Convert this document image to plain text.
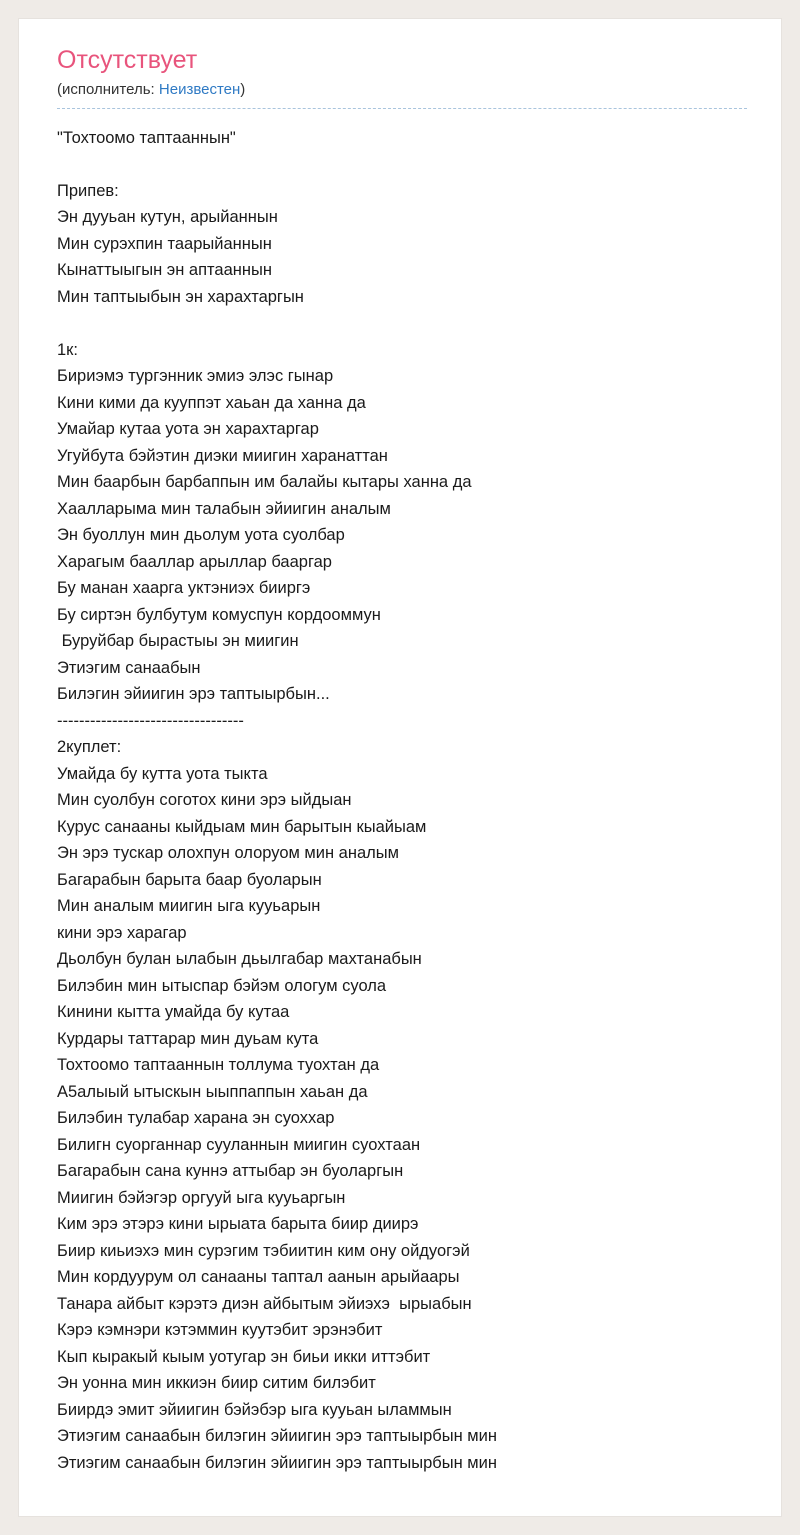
Отсутствует
(исполнитель: Неизвестен)
"Тохтоомо таптааннын"

Припев:
Эн дууьан кутун, арыйаннын
Мин сурэхпин таарыйаннын
Кынаттыыгын эн аптааннын
Мин таптыыбын эн харахтаргын

1к:
Бириэмэ тургэнник эмиэ элэс гынар
Кини кими да кууппэт хаьан да ханна да
Умайар кутаа уота эн харахтаргар
Угуйбута бэйэтин диэки миигин харанаттан
Мин баарбын барбаппын им балайы кытары ханна да
Хаалларыма мин талабын эйиигин аналым
Эн буоллун мин дьолум уота суолбар
Харагым бааллар арыллар бааргар
Бу манан хаарга уктэниэх бииргэ
Бу сиртэн булбутум комуспун кордооммун
Буруйбар бырастыы эн миигин
Этиэгим санаабын
Билэгин эйиигин эрэ таптыырбын...
----------------------------------
2куплет:
Умайда бу кутта уота тыкта
Мин суолбун соготох кини эрэ ыйдыан
Курус санааны кыйдыам мин барытын кыайыам
Эн эрэ тускар олохпун олоруом мин аналым
Багарабын барыта баар буоларын
Мин аналым миигин ыга кууьарын
кини эрэ харагар
Дьолбун булан ылабын дьылгабар махтанабын
Билэбин мин ытыспар бэйэм ологум суола
Кинини кытта умайда бу кутаа
Курдары таттарар мин дуьам кута
Тохтоомо таптааннын толлума туохтан да
А5алыый ытыскын ыыппаппын хаьан да
Билэбин тулабар харана эн суоххар
Билигн суорганнар сууланнын миигин суохтаан
Багарабын сана куннэ аттыбар эн буоларгын
Миигин бэйэгэр оргууй ыга кууьаргын
Ким эрэ этэрэ кини ырыата барыта биир диирэ
Биир киьиэхэ мин сурэгим тэбиитин ким ону ойдуогэй
Мин кордуурум ол санааны таптал аанын арыйаары
Танара айбыт кэрэтэ диэн айбытым эйиэхэ  ырыабын
Кэрэ кэмнэри кэтэммин куутэбит эрэнэбит
Кып кыракый кыым уотугар эн биьи икки иттэбит
Эн уонна мин иккиэн биир ситим билэбит
Биирдэ эмит эйиигин бэйэбэр ыга кууьан ыламмын
Этиэгим санаабын билэгин эйиигин эрэ таптыырбын мин
Этиэгим санаабын билэгин эйиигин эрэ таптыырбын мин
